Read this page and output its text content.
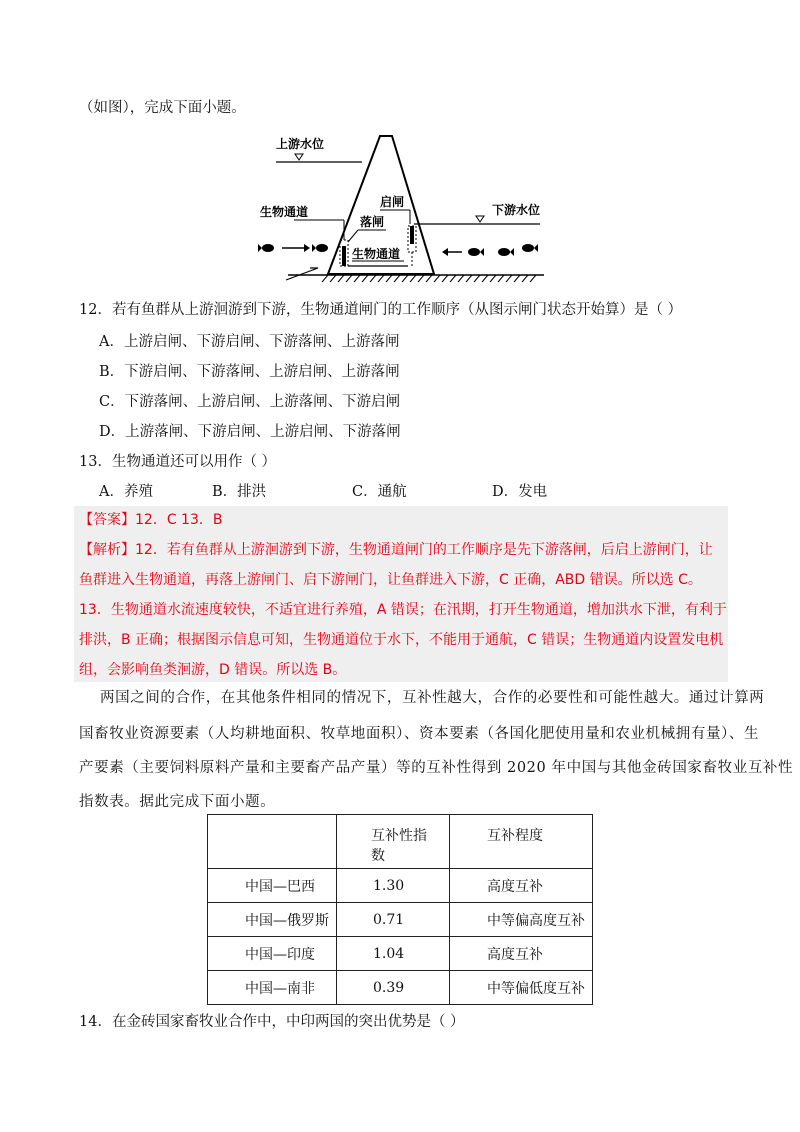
（如图），完成下面小题。
上游水位
下游水位
生物通道
生物通道
启闸
落闸
12．若有鱼群从上游洄游到下游，生物通道闸门的工作顺序（从图示闸门状态开始算）是（ ）
A．上游启闸、下游启闸、下游落闸、上游落闸
B．下游启闸、下游落闸、上游启闸、上游落闸
C．下游落闸、上游启闸、上游落闸、下游启闸
D．上游落闸、下游启闸、上游启闸、下游落闸
13．生物通道还可以用作（ ）
A．养殖	B．排洪	C．通航	D．发电
【答案】12．C 13．B
【解析】12．若有鱼群从上游洄游到下游，生物通道闸门的工作顺序是先下游落闸，后启上游闸门，让
鱼群进入生物通道，再落上游闸门、启下游闸门，让鱼群进入下游，C 正确，ABD 错误。所以选 C。
13．生物通道水流速度较快，不适宜进行养殖，A 错误；在汛期，打开生物通道，增加洪水下泄，有利于
排洪，B 正确；根据图示信息可知，生物通道位于水下，不能用于通航，C 错误；生物通道内设置发电机
组，会影响鱼类洄游，D 错误。所以选 B。
两国之间的合作，在其他条件相同的情况下，互补性越大，合作的必要性和可能性越大。通过计算两
国畜牧业资源要素（人均耕地面积、牧草地面积）、资本要素（各国化肥使用量和农业机械拥有量）、生
产要素（主要饲料原料产量和主要畜产品产量）等的互补性得到 2020 年中国与其他金砖国家畜牧业互补性
指数表。据此完成下面小题。
	互补性指数	互补程度
中国—巴西	1.30	高度互补
中国—俄罗斯	0.71	中等偏高度互补
中国—印度	1.04	高度互补
中国—南非	0.39	中等偏低度互补
14．在金砖国家畜牧业合作中，中印两国的突出优势是（ ）
